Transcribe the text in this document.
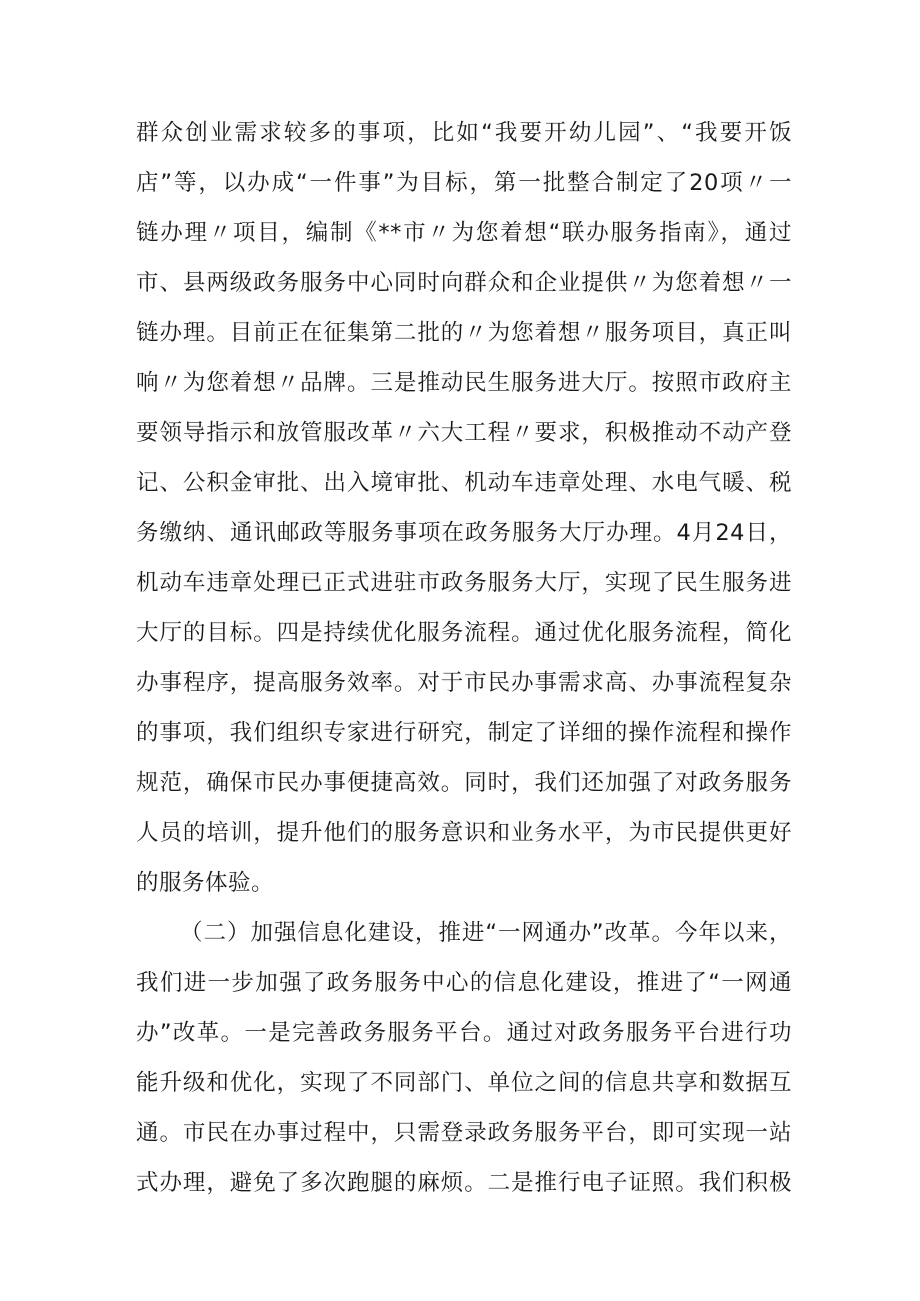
群众创业需求较多的事项，比如“我要开幼儿园”、“我要开饭
店”等，以办成“一件事”为目标，第一批整合制定了20项〃一
链办理〃项目，编制《**市〃为您着想“联办服务指南》，通过
市、县两级政务服务中心同时向群众和企业提供〃为您着想〃一
链办理。目前正在征集第二批的〃为您着想〃服务项目，真正叫
响〃为您着想〃品牌。三是推动民生服务进大厅。按照市政府主
要领导指示和放管服改革〃六大工程〃要求，积极推动不动产登
记、公积金审批、出入境审批、机动车违章处理、水电气暖、税
务缴纳、通讯邮政等服务事项在政务服务大厅办理。4月24日，
机动车违章处理已正式进驻市政务服务大厅，实现了民生服务进
大厅的目标。四是持续优化服务流程。通过优化服务流程，简化
办事程序，提高服务效率。对于市民办事需求高、办事流程复杂
的事项，我们组织专家进行研究，制定了详细的操作流程和操作
规范，确保市民办事便捷高效。同时，我们还加强了对政务服务
人员的培训，提升他们的服务意识和业务水平，为市民提供更好
的服务体验。
（二）加强信息化建设，推进“一网通办”改革。今年以来，
我们进一步加强了政务服务中心的信息化建设，推进了“一网通
办”改革。一是完善政务服务平台。通过对政务服务平台进行功
能升级和优化，实现了不同部门、单位之间的信息共享和数据互
通。市民在办事过程中，只需登录政务服务平台，即可实现一站
式办理，避免了多次跑腿的麻烦。二是推行电子证照。我们积极
